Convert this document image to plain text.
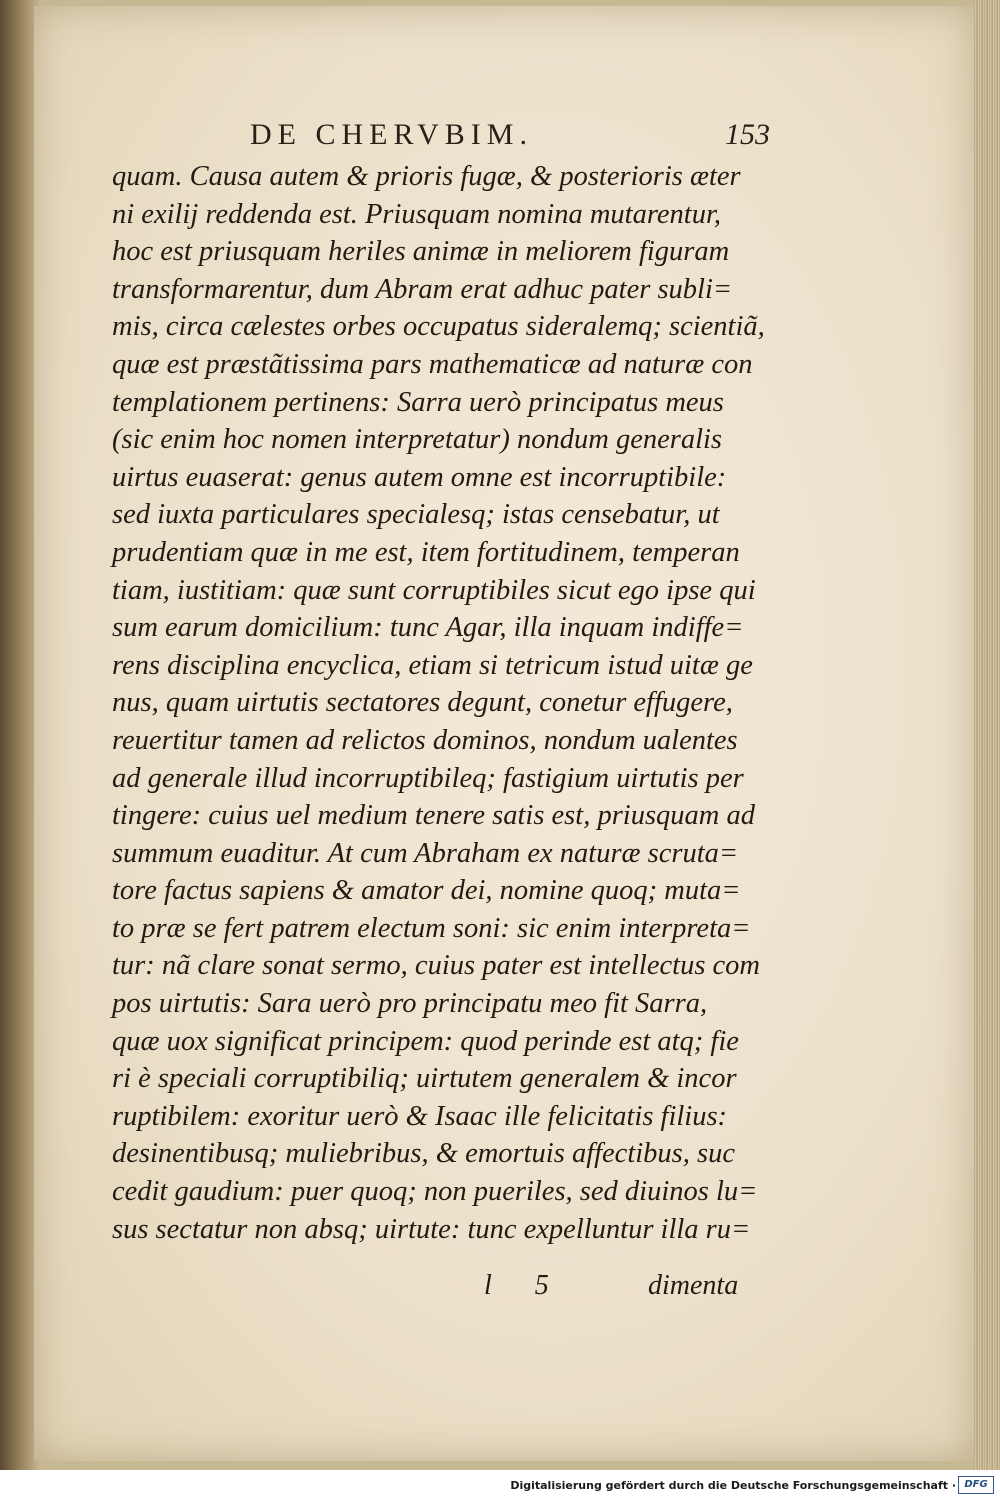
DE CHERVBIM.	153
quam. Causa autem & prioris fugæ, & posterioris æter
ni exilij reddenda est. Priusquam nomina mutarentur,
hoc est priusquam heriles animæ in meliorem figuram
transformarentur, dum Abram erat adhuc pater subli=
mis, circa cælestes orbes occupatus sideralemq; scientiã,
quæ est præstãtissima pars mathematicæ ad naturæ con
templationem pertinens: Sarra uerò principatus meus
(sic enim hoc nomen interpretatur) nondum generalis
uirtus euaserat: genus autem omne est incorruptibile:
sed iuxta particulares specialesq; istas censebatur, ut
prudentiam quæ in me est, item fortitudinem, temperan
tiam, iustitiam: quæ sunt corruptibiles sicut ego ipse qui
sum earum domicilium: tunc Agar, illa inquam indiffe=
rens disciplina encyclica, etiam si tetricum istud uitæ ge
nus, quam uirtutis sectatores degunt, conetur effugere,
reuertitur tamen ad relictos dominos, nondum ualentes
ad generale illud incorruptibileq; fastigium uirtutis per
tingere: cuius uel medium tenere satis est, priusquam ad
summum euaditur. At cum Abraham ex naturæ scruta=
tore factus sapiens & amator dei, nomine quoq; muta=
to præ se fert patrem electum soni: sic enim interpreta=
tur: nã clare sonat sermo, cuius pater est intellectus com
pos uirtutis: Sara uerò pro principatu meo fit Sarra,
quæ uox significat principem: quod perinde est atq; fie
ri è speciali corruptibiliq; uirtutem generalem & incor
ruptibilem: exoritur uerò & Isaac ille felicitatis filius:
desinentibusq; muliebribus, & emortuis affectibus, suc
cedit gaudium: puer quoq; non pueriles, sed diuinos lu=
sus sectatur non absq; uirtute: tunc expelluntur illa ru=
l 5	dimenta
Digitalisierung gefördert durch die Deutsche Forschungsgemeinschaft · DFG
